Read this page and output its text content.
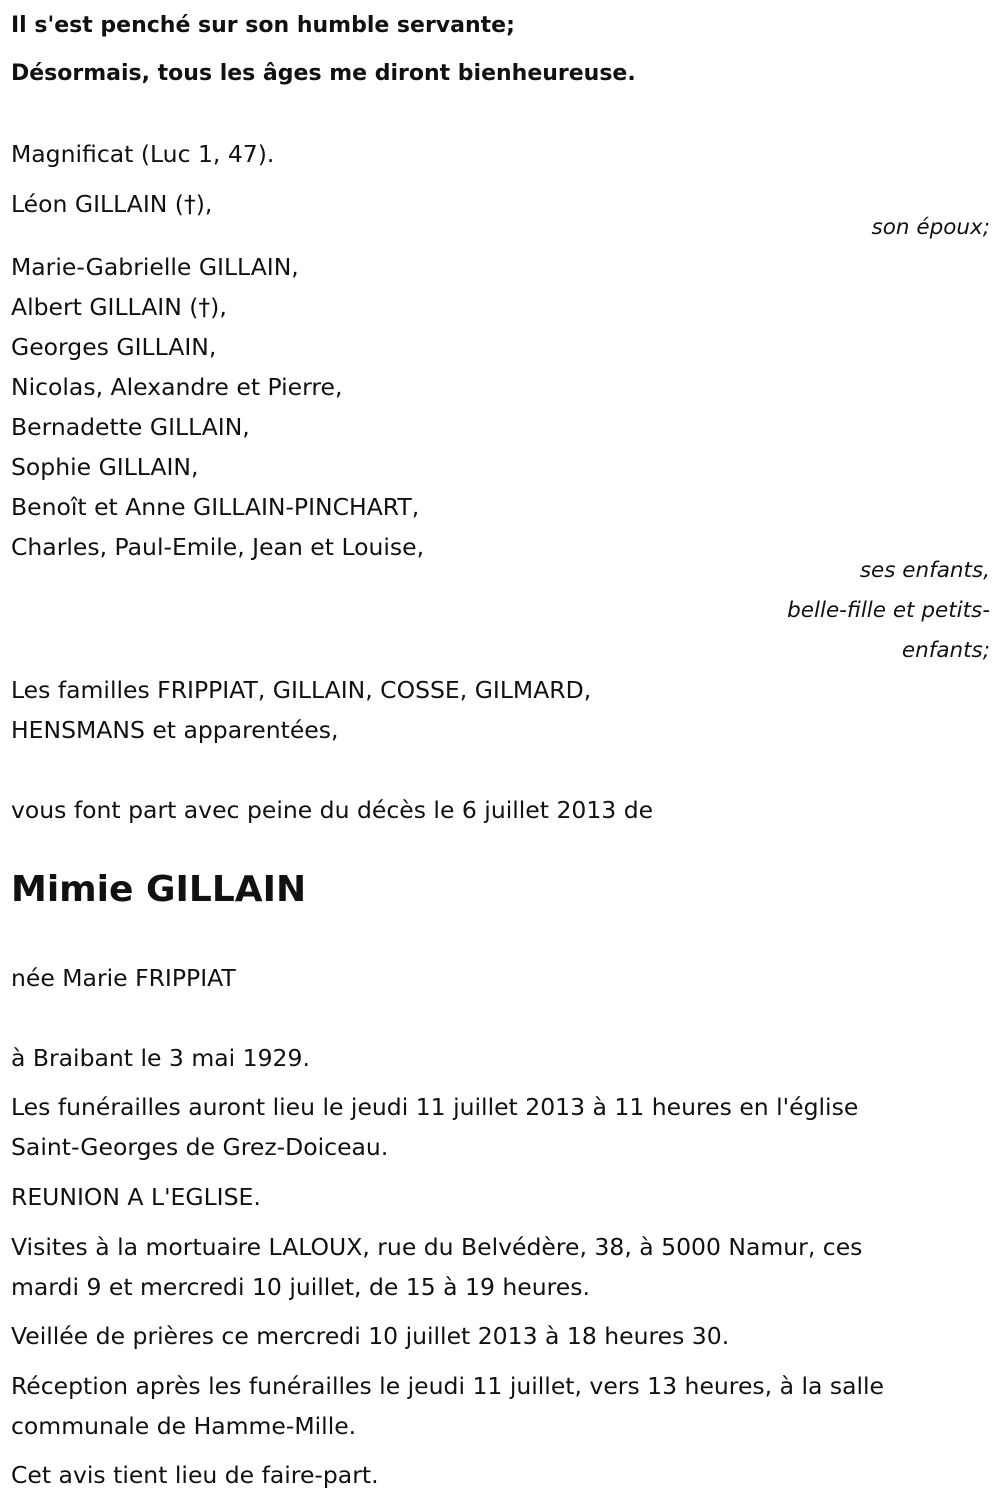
Il s'est penché sur son humble servante;
Désormais, tous les âges me diront bienheureuse.
Magnificat (Luc 1, 47).
Léon GILLAIN (†),
son époux;
Marie-Gabrielle GILLAIN,
Albert GILLAIN (†),
Georges GILLAIN,
Nicolas, Alexandre et Pierre,
Bernadette GILLAIN,
Sophie GILLAIN,
Benoît et Anne GILLAIN-PINCHART,
Charles, Paul-Emile, Jean et Louise,
ses enfants,
belle-fille et petits-
enfants;
Les familles FRIPPIAT, GILLAIN, COSSE, GILMARD,
HENSMANS et apparentées,
vous font part avec peine du décès le 6 juillet 2013 de
Mimie GILLAIN
née Marie FRIPPIAT
à Braibant le 3 mai 1929.
Les funérailles auront lieu le jeudi 11 juillet 2013 à 11 heures en l'église
Saint-Georges de Grez-Doiceau.
REUNION A L'EGLISE.
Visites à la mortuaire LALOUX, rue du Belvédère, 38, à 5000 Namur, ces
mardi 9 et mercredi 10 juillet, de 15 à 19 heures.
Veillée de prières ce mercredi 10 juillet 2013 à 18 heures 30.
Réception après les funérailles le jeudi 11 juillet, vers 13 heures, à la salle
communale de Hamme-Mille.
Cet avis tient lieu de faire-part.
